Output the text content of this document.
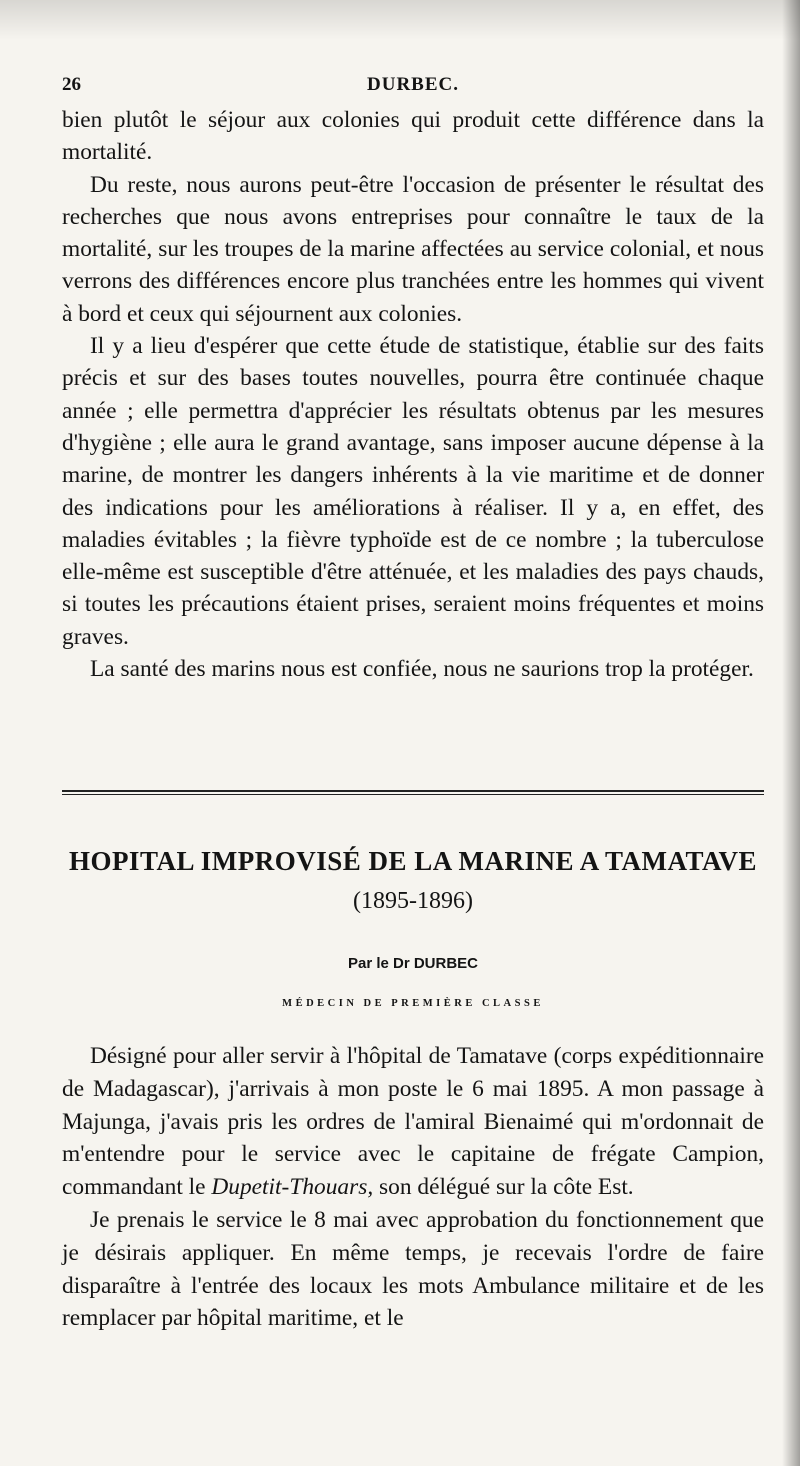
26	DURBEC.

bien plutôt le séjour aux colonies qui produit cette différence dans la mortalité.

Du reste, nous aurons peut-être l'occasion de présenter le résultat des recherches que nous avons entreprises pour connaître le taux de la mortalité, sur les troupes de la marine affectées au service colonial, et nous verrons des différences encore plus tranchées entre les hommes qui vivent à bord et ceux qui séjournent aux colonies.

Il y a lieu d'espérer que cette étude de statistique, établie sur des faits précis et sur des bases toutes nouvelles, pourra être continuée chaque année ; elle permettra d'apprécier les résultats obtenus par les mesures d'hygiène ; elle aura le grand avantage, sans imposer aucune dépense à la marine, de montrer les dangers inhérents à la vie maritime et de donner des indications pour les améliorations à réaliser. Il y a, en effet, des maladies évitables ; la fièvre typhoïde est de ce nombre ; la tuberculose elle-même est susceptible d'être atténuée, et les maladies des pays chauds, si toutes les précautions étaient prises, seraient moins fréquentes et moins graves.

La santé des marins nous est confiée, nous ne saurions trop la protéger.

HOPITAL IMPROVISÉ DE LA MARINE A TAMATAVE
(1895-1896)
Par le Dr DURBEC
MÉDECIN DE PREMIÈRE CLASSE

Désigné pour aller servir à l'hôpital de Tamatave (corps expéditionnaire de Madagascar), j'arrivais à mon poste le 6 mai 1895. A mon passage à Majunga, j'avais pris les ordres de l'amiral Bienaimé qui m'ordonnait de m'entendre pour le service avec le capitaine de frégate Campion, commandant le Dupetit-Thouars, son délégué sur la côte Est.

Je prenais le service le 8 mai avec approbation du fonctionnement que je désirais appliquer. En même temps, je recevais l'ordre de faire disparaître à l'entrée des locaux les mots Ambulance militaire et de les remplacer par hôpital maritime, et le
